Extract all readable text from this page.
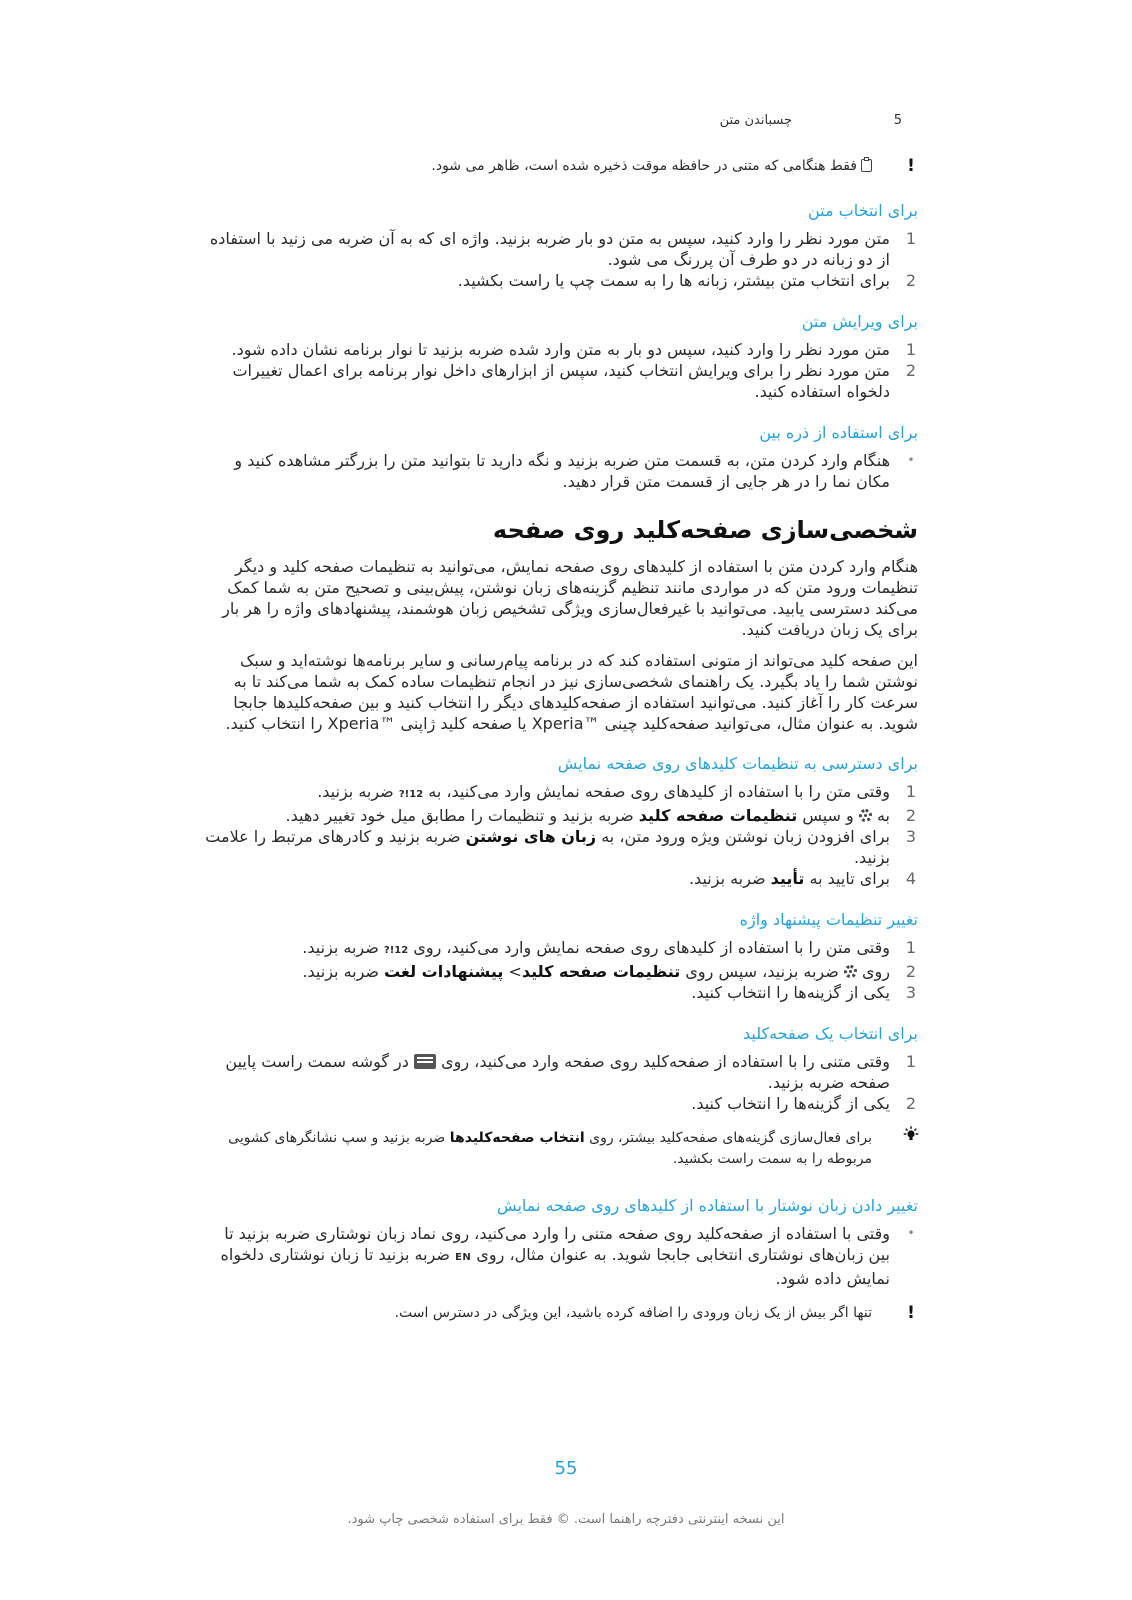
5
چسباندن متن

!
فقط هنگامی که متنی در حافظه موقت ذخیره شده است، ظاهر می شود.

برای انتخاب متن
1
متن مورد نظر را وارد کنید، سپس به متن دو بار ضربه بزنید. واژه ای که به آن ضربه می زنید با استفاده از دو زبانه در دو طرف آن پررنگ می شود.
2
برای انتخاب متن بیشتر، زبانه ها را به سمت چپ یا راست بکشید.
برای ویرایش متن
1
متن مورد نظر را وارد کنید، سپس دو بار به متن وارد شده ضربه بزنید تا نوار برنامه نشان داده شود.
2
متن مورد نظر را برای ویرایش انتخاب کنید، سپس از ابزارهای داخل نوار برنامه برای اعمال تغییرات دلخواه استفاده کنید.
برای استفاده از ذره بین
•
هنگام وارد کردن متن، به قسمت متن ضربه بزنید و نگه دارید تا بتوانید متن را بزرگتر مشاهده کنید و مکان نما را در هر جایی از قسمت متن قرار دهید.
شخصی‌سازی صفحه‌کلید روی صفحه

هنگام وارد کردن متن با استفاده از کلیدهای روی صفحه نمایش، می‌توانید به تنظیمات صفحه کلید و دیگر تنظیمات ورود متن که در مواردی مانند تنظیم گزینه‌های زبان نوشتن، پیش‌بینی و تصحیح متن به شما کمک می‌کند دسترسی یابید. می‌توانید با غیرفعال‌سازی ویژگی تشخیص زبان هوشمند، پیشنهادهای واژه را هر بار برای یک زبان دریافت کنید.

این صفحه کلید می‌تواند از متونی استفاده کند که در برنامه پیام‌رسانی و سایر برنامه‌ها نوشته‌اید و سبک نوشتن شما را یاد بگیرد. یک راهنمای شخصی‌سازی نیز در انجام تنظیمات ساده کمک به شما می‌کند تا به سرعت کار را آغاز کنید. می‌توانید استفاده از صفحه‌کلیدهای دیگر را انتخاب کنید و بین صفحه‌کلیدها جابجا شوید. به عنوان مثال، می‌توانید صفحه‌کلید چینی ™Xperia یا صفحه کلید ژاپنی ™Xperia را انتخاب کنید.

برای دسترسی به تنظیمات کلیدهای روی صفحه نمایش
1
وقتی متن را با استفاده از کلیدهای روی صفحه نمایش وارد می‌کنید، به 12!? ضربه بزنید.
2
به  و سپس تنظیمات صفحه کلید ضربه بزنید و تنظیمات را مطابق میل خود تغییر دهید.
3
برای افزودن زبان نوشتن ویژه ورود متن، به زبان های نوشتن ضربه بزنید و کادرهای مرتبط را علامت بزنید.
4
برای تایید به تأیید ضربه بزنید.
تغییر تنظیمات پیشنهاد واژه
1
وقتی متن را با استفاده از کلیدهای روی صفحه نمایش وارد می‌کنید، روی 12!? ضربه بزنید.
2
روی  ضربه بزنید، سپس روی تنظیمات صفحه کلید> پیشنهادات لغت ضربه بزنید.
3
یکی از گزینه‌ها را انتخاب کنید.
برای انتخاب یک صفحه‌کلید
1
وقتی متنی را با استفاده از صفحه‌کلید روی صفحه وارد می‌کنید، روی  در گوشه سمت راست پایین صفحه ضربه بزنید.
2
یکی از گزینه‌ها را انتخاب کنید.

برای فعال‌سازی گزینه‌های صفحه‌کلید بیشتر، روی انتخاب صفحه‌کلیدها ضربه بزنید و سپ نشانگرهای کشویی مربوطه را به سمت راست بکشید.

تغییر دادن زبان نوشتار با استفاده از کلیدهای روی صفحه نمایش
•
وقتی با استفاده از صفحه‌کلید روی صفحه متنی را وارد می‌کنید، روی نماد زبان نوشتاری ضربه بزنید تا بین زبان‌های نوشتاری انتخابی جابجا شوید. به عنوان مثال، روی EN ضربه بزنید تا زبان نوشتاری دلخواه نمایش داده شود.

!
تنها اگر بیش از یک زبان ورودی را اضافه کرده باشید، این ویژگی در دسترس است.

55
این نسخه اینترنتی دفترچه راهنما است. © فقط برای استفاده شخصی چاپ شود.
